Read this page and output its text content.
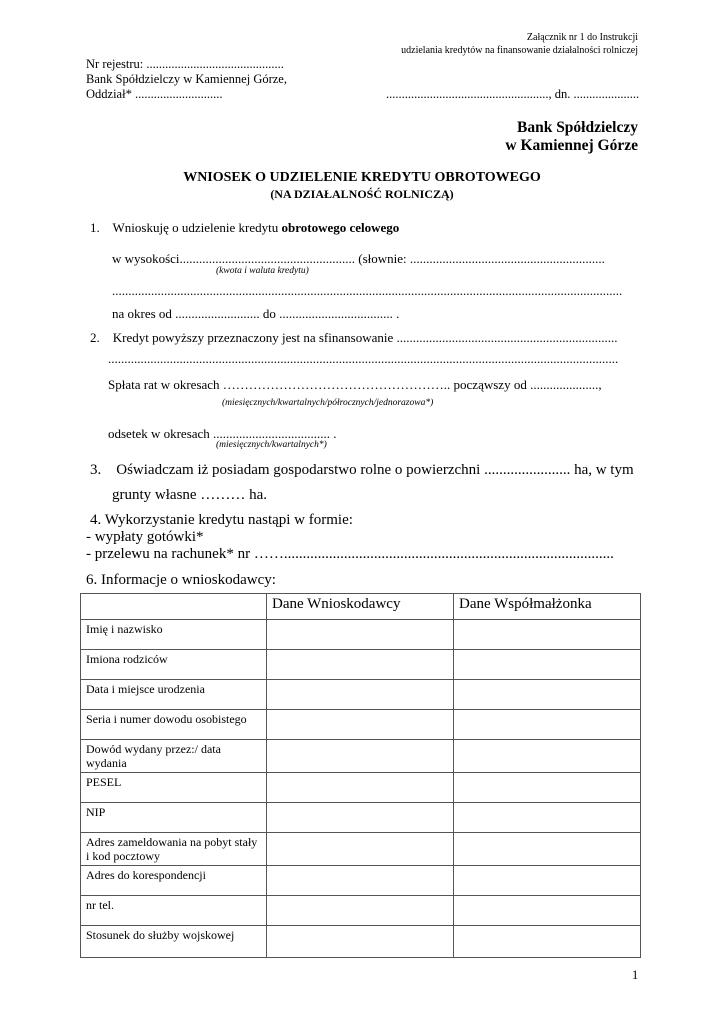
Załącznik nr 1 do Instrukcji
udzielania kredytów na finansowanie działalności rolniczej
Nr rejestru: ............................................
Bank Spółdzielczy w Kamiennej Górze,
Oddział* ............................	...................................................., dn. .....................
Bank Spółdzielczy
w Kamiennej Górze
WNIOSEK O UDZIELENIE KREDYTU OBROTOWEGO
(NA DZIAŁALNOŚĆ ROLNICZĄ)
1.    Wnioskuję o udzielenie kredytu obrotowego celowego
w wysokości...................................................... (słownie: ............................................................
(kwota i waluta kredytu)
.............................................................................................................................................................
na okres od .......................... do ................................... .
2.    Kredyt powyższy przeznaczony jest na sfinansowanie ....................................................................
.............................................................................................................................................................
Spłata rat w okresach …………………………………………….. począwszy od .....................,
(miesięcznych/kwartalnych/półrocznych/jednorazowa*)
odsetek w okresach .................................... .
(miesięcznych/kwartalnych*)
3.    Oświadczam iż posiadam gospodarstwo rolne o powierzchni ....................... ha, w tym
grunty własne ……… ha.
4. Wykorzystanie kredytu nastąpi w formie:
- wypłaty gotówki*
- przelewu na rachunek* nr ……........................................................................................
6. Informacje o wnioskodawcy:
	Dane Wnioskodawcy	Dane Współmałżonka
Imię i nazwisko		
Imiona rodziców		
Data i miejsce urodzenia		
Seria i numer dowodu osobistego		
Dowód wydany przez:/ data wydania		
PESEL		
NIP		
Adres zameldowania na pobyt stały i kod pocztowy		
Adres do korespondencji		
nr tel.		
Stosunek do służby wojskowej		
1
